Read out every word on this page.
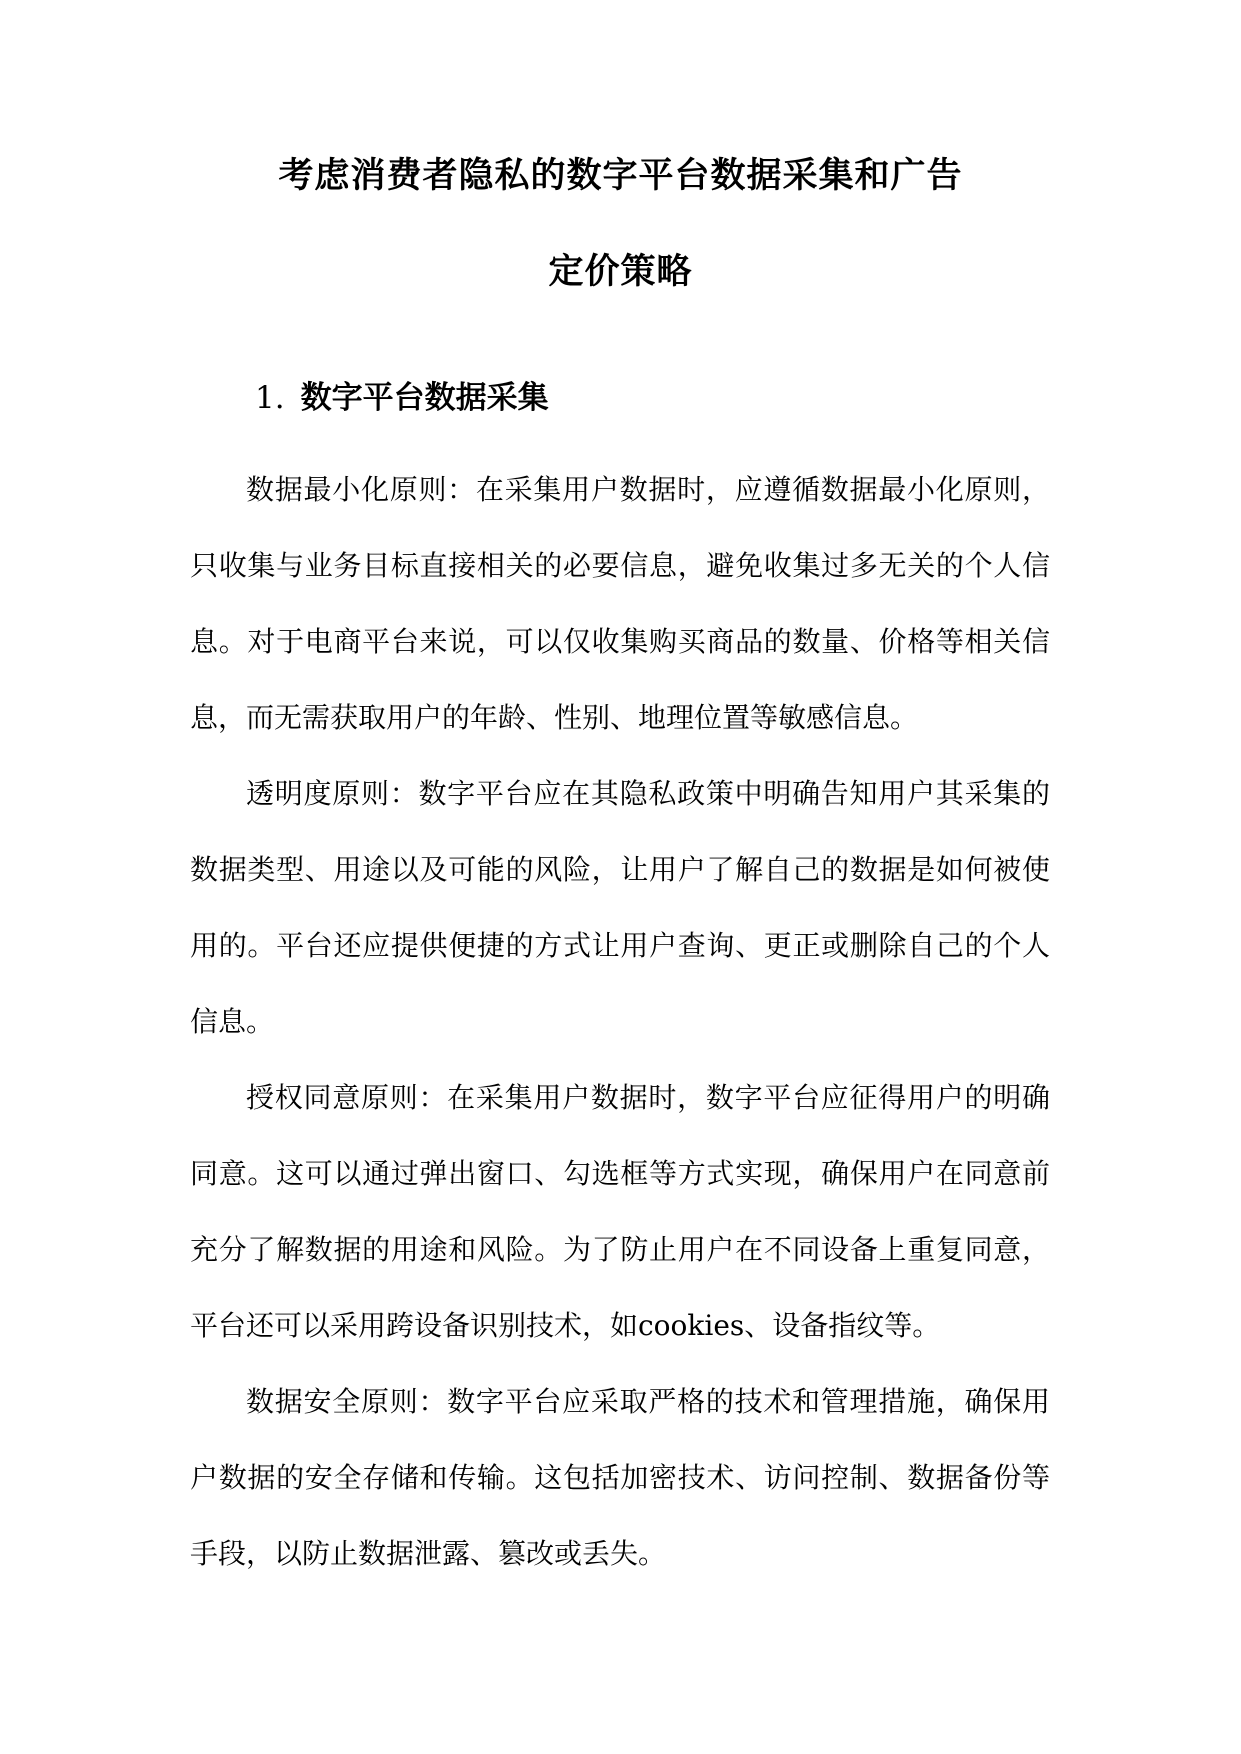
考虑消费者隐私的数字平台数据采集和广告
定价策略
1. 数字平台数据采集

数据最小化原则：在采集用户数据时，应遵循数据最小化原则，只收集与业务目标直接相关的必要信息，避免收集过多无关的个人信息。对于电商平台来说，可以仅收集购买商品的数量、价格等相关信息，而无需获取用户的年龄、性别、地理位置等敏感信息。

透明度原则：数字平台应在其隐私政策中明确告知用户其采集的数据类型、用途以及可能的风险，让用户了解自己的数据是如何被使用的。平台还应提供便捷的方式让用户查询、更正或删除自己的个人信息。

授权同意原则：在采集用户数据时，数字平台应征得用户的明确同意。这可以通过弹出窗口、勾选框等方式实现，确保用户在同意前充分了解数据的用途和风险。为了防止用户在不同设备上重复同意，平台还可以采用跨设备识别技术，如cookies、设备指纹等。

数据安全原则：数字平台应采取严格的技术和管理措施，确保用户数据的安全存储和传输。这包括加密技术、访问控制、数据备份等手段，以防止数据泄露、篡改或丢失。
